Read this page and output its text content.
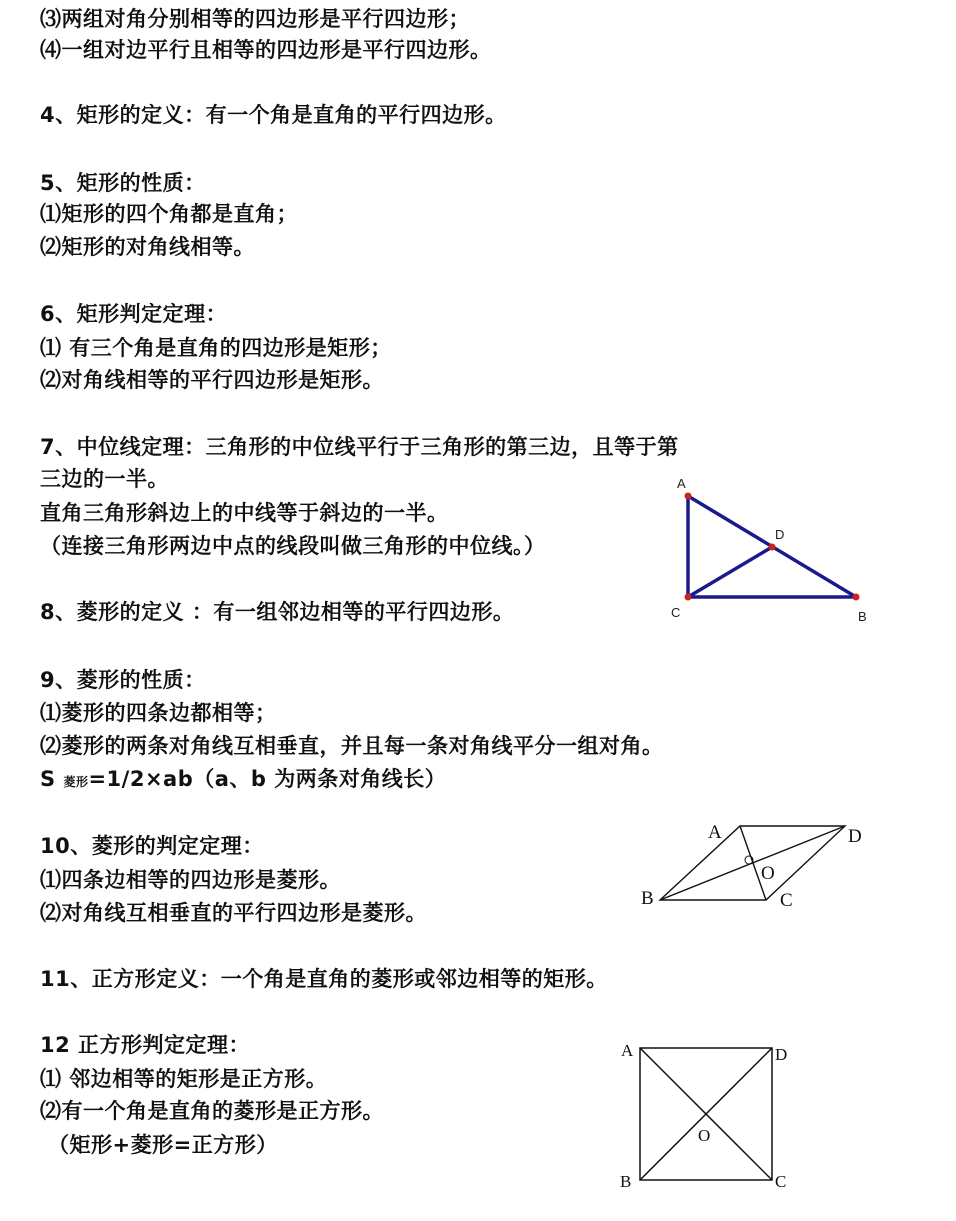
⑶两组对角分别相等的四边形是平行四边形；
⑷一组对边平行且相等的四边形是平行四边形。
4、矩形的定义：有一个角是直角的平行四边形。
5、矩形的性质：
⑴矩形的四个角都是直角；
⑵矩形的对角线相等。
6、矩形判定定理：
⑴ 有三个角是直角的四边形是矩形；
⑵对角线相等的平行四边形是矩形。
7、中位线定理：三角形的中位线平行于三角形的第三边，且等于第
三边的一半。
直角三角形斜边上的中线等于斜边的一半。
（连接三角形两边中点的线段叫做三角形的中位线。）
8、菱形的定义 ：有一组邻边相等的平行四边形。
9、菱形的性质：
⑴菱形的四条边都相等；
⑵菱形的两条对角线互相垂直，并且每一条对角线平分一组对角。
S 菱形=1/2×ab（a、b 为两条对角线长）
10、菱形的判定定理：
⑴四条边相等的四边形是菱形。
⑵对角线互相垂直的平行四边形是菱形。
11、正方形定义：一个角是直角的菱形或邻边相等的矩形。
12 正方形判定定理：
⑴ 邻边相等的矩形是正方形。
⑵有一个角是直角的菱形是正方形。
（矩形+菱形=正方形）
A
D
C	B
A	D
O
B	C
A	D
O
B	C
